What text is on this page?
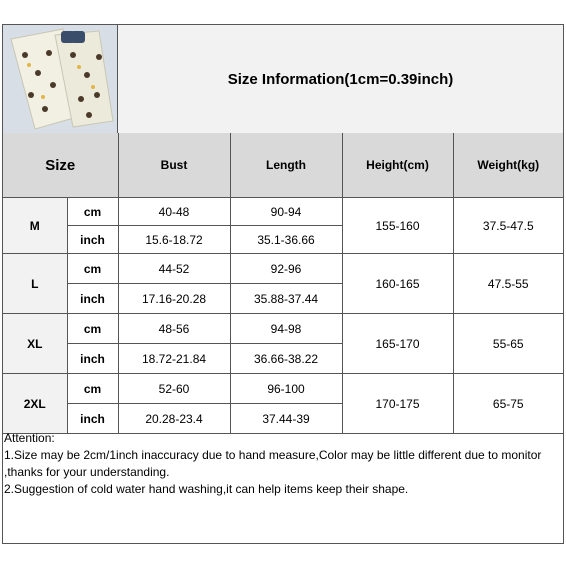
Size Information(1cm=0.39inch)
Size		Bust	Length	Height(cm)	Weight(kg)
M	cm	40-48	90-94	155-160	37.5-47.5
	inch	15.6-18.72	35.1-36.66		
L	cm	44-52	92-96	160-165	47.5-55
	inch	17.16-20.28	35.88-37.44		
XL	cm	48-56	94-98	165-170	55-65
	inch	18.72-21.84	36.66-38.22		
2XL	cm	52-60	96-100	170-175	65-75
	inch	20.28-23.4	37.44-39		
Attention:
1.Size may be 2cm/1inch inaccuracy due to hand measure,Color may be little different due to monitor ,thanks for your understanding.
2.Suggestion of cold water hand washing,it can help items keep their shape.
